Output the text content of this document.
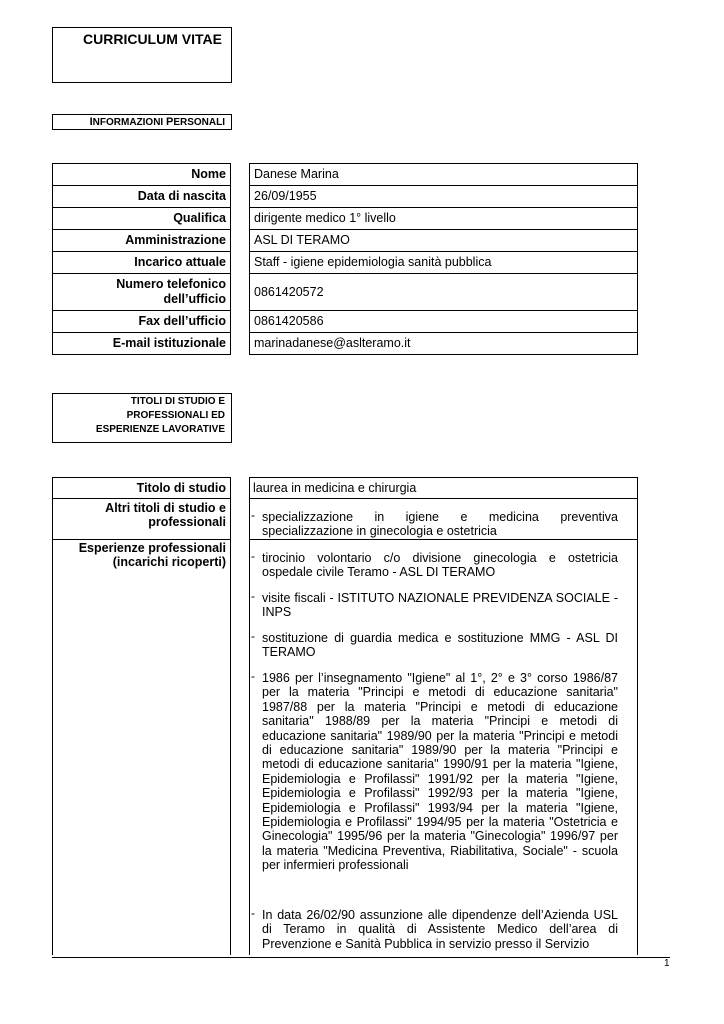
CURRICULUM VITAE
INFORMAZIONI PERSONALI
Nome Danese Marina
Data di nascita 26/09/1955
Qualifica dirigente medico 1° livello
Amministrazione ASL DI TERAMO
Incarico attuale Staff - igiene epidemiologia sanità pubblica
Numero telefonico
dell’ufficio 0861420572
Fax dell’ufficio 0861420586
E-mail istituzionale marinadanese@aslteramo.it
TITOLI DI STUDIO E
PROFESSIONALI ED
ESPERIENZE LAVORATIVE
Titolo di studio	laurea in medicina e chirurgia
Altri titoli di studio e
professionali - specializzazione in igiene e medicina preventiva specializzazione in ginecologia e ostetricia
Esperienze professionali
(incarichi ricoperti) - tirocinio volontario c/o divisione ginecologia e ostetricia ospedale civile Teramo - ASL DI TERAMO
- visite fiscali - ISTITUTO NAZIONALE PREVIDENZA SOCIALE - INPS
- sostituzione di guardia medica e sostituzione MMG - ASL DI TERAMO
- 1986 per l’insegnamento "Igiene" al 1°, 2° e 3° corso 1986/87 per la materia "Principi e metodi di educazione sanitaria" 1987/88 per la materia "Principi e metodi di educazione sanitaria" 1988/89 per la materia "Principi e metodi di educazione sanitaria" 1989/90 per la materia "Principi e metodi di educazione sanitaria" 1989/90 per la materia "Principi e metodi di educazione sanitaria" 1990/91 per la materia "Igiene, Epidemiologia e Profilassi" 1991/92 per la materia "Igiene, Epidemiologia e Profilassi" 1992/93 per la materia "Igiene, Epidemiologia e Profilassi" 1993/94 per la materia "Igiene, Epidemiologia e Profilassi" 1994/95 per la materia "Ostetricia e Ginecologia" 1995/96 per la materia "Ginecologia" 1996/97 per la materia "Medicina Preventiva, Riabilitativa, Sociale" - scuola per infermieri professionali
- In data 26/02/90 assunzione alle dipendenze dell’Azienda USL di Teramo in qualità di Assistente Medico dell’area di Prevenzione e Sanità Pubblica in servizio presso il Servizio
1
